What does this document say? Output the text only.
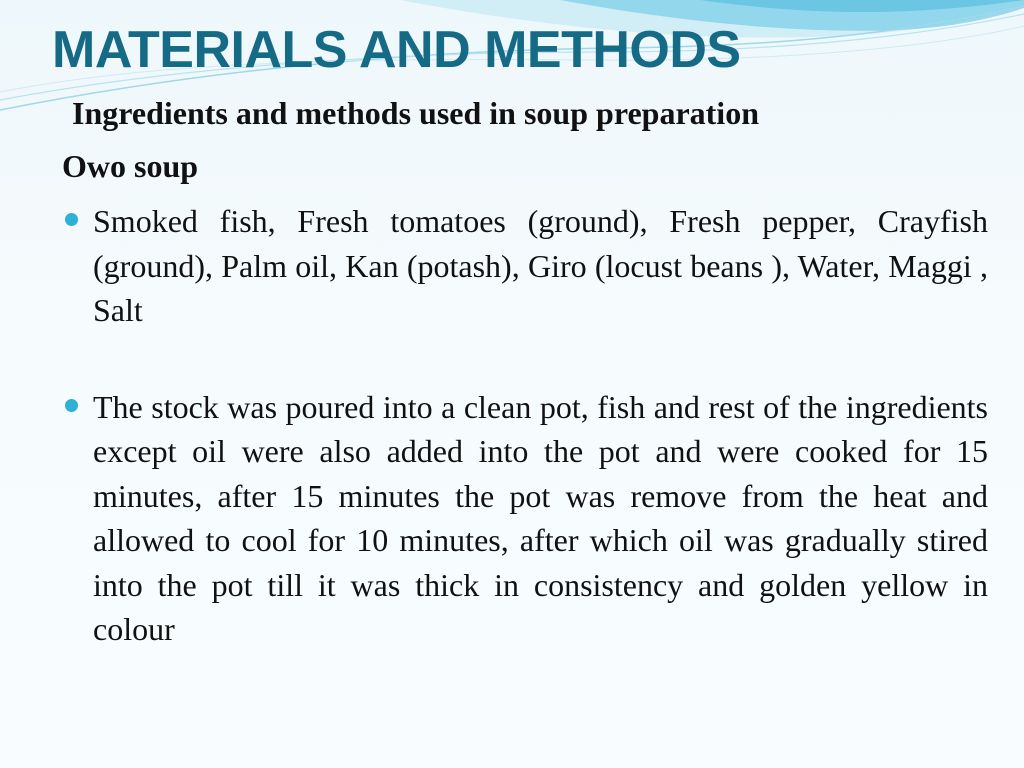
MATERIALS AND METHODS
Ingredients and methods used in soup preparation
Owo soup
Smoked fish, Fresh tomatoes (ground), Fresh pepper, Crayfish (ground), Palm oil, Kan (potash), Giro (locust beans ), Water, Maggi , Salt
The stock was poured into a clean pot, fish and rest of the ingredients except oil were also added into the pot and were cooked for 15 minutes, after 15 minutes the pot was remove from the heat and allowed to cool for 10 minutes, after which oil was gradually stired into the pot till it was thick in consistency and golden yellow in colour
